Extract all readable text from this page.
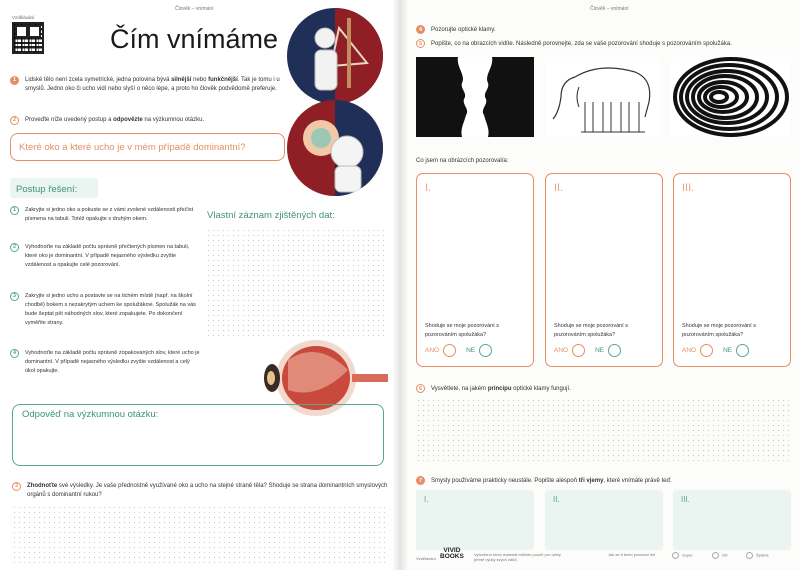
Člověk – vnímání
Vzdělávání
Čím vnímáme
1	Lidské tělo není zcela symetrické, jedna polovina bývá silnější nebo funkčnější. Tak je tomu i u smyslů. Jedno oko či ucho vidí nebo slyší o něco lépe, a proto ho člověk podvědomě preferuje.
2	Proveďte níže uvedený postup a odpovězte na výzkumnou otázku.
Které oko a které ucho je v mém případě dominantní?
Postup řešení:
Vlastní záznam zjištěných dat:
1	Zakryjte si jedno oko a pokuste se z vámi zvolené vzdálenosti přečíst písmena na tabuli. Totéž opakujte s druhým okem.
2	Vyhodnoťte na základě počtu správně přečtených písmen na tabuli, které oko je dominantní. V případě nejasného výsledku zvyšte vzdálenost a opakujte celé pozorování.
3	Zakryjte si jedno ucho a postavte se na tichém místě (např. na školní chodbě) bokem s nezakrytým uchem ke spolužákovi. Spolužák na vás bude šeptat pět náhodných slov, které zopakujete. Po dokončení vyměňte strany.
4	Vyhodnoťte na základě počtu správně zopakovaných slov, které ucho je dominantní. V případě nejasného výsledku zvyšte vzdálenost a celý úkol opakujte.
Odpověď na výzkumnou otázku:
3	Zhodnoťte své výsledky. Je vaše přednostně využívané oko a ucho na stejné straně těla? Shoduje se strana dominantních smyslových orgánů s dominantní rukou?
Člověk – vnímání
4	Pozorujte optické klamy.
5	Popište, co na obrazcích vidíte. Následně porovnejte, zda se vaše pozorování shoduje s pozorováním spolužáka.
Co jsem na obrázcích pozoroval/a:
I.
Shoduje se moje pozorování s pozorováním spolužáka?
ANO	NE
II.
Shoduje se moje pozorování s pozorováním spolužáka?
ANO	NE
III.
Shoduje se moje pozorování s pozorováním spolužáka?
ANO	NE
6	Vysvětlete, na jakém principu optické klamy fungují.
7	Smysly používáme prakticky neustále. Popište alespoň tři vjemy, které vnímáte právě teď.
I.	II.	III.
Vzdělávání
VIVID
BOOKS	Vytvořeno tento materiál můžete použít pro účely přímé výuky svých žáků.
Jak se ti tento pracovní list	Super	OK	Špatné
